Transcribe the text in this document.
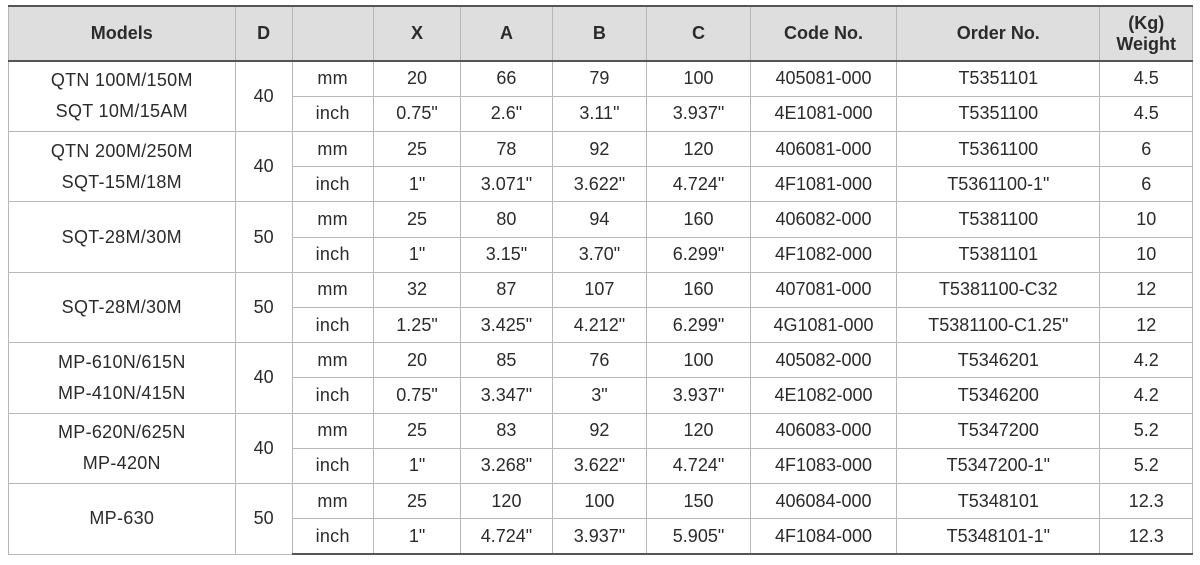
Models	D		X	A	B	C	Code No.	Order No.	(Kg)
Weight

QTN 100M/150M
SQT 10M/15AM	40	mm	20	66	79	100	405081-000	T5351101	4.5
		inch	0.75"	2.6"	3.11"	3.937"	4E1081-000	T5351100	4.5

QTN 200M/250M
SQT-15M/18M	40	mm	25	78	92	120	406081-000	T5361100	6
		inch	1"	3.071"	3.622"	4.724"	4F1081-000	T5361100-1"	6

SQT-28M/30M	50	mm	25	80	94	160	406082-000	T5381100	10
		inch	1"	3.15"	3.70"	6.299"	4F1082-000	T5381101	10

SQT-28M/30M	50	mm	32	87	107	160	407081-000	T5381100-C32	12
		inch	1.25"	3.425"	4.212"	6.299"	4G1081-000	T5381100-C1.25"	12

MP-610N/615N
MP-410N/415N	40	mm	20	85	76	100	405082-000	T5346201	4.2
		inch	0.75"	3.347"	3"	3.937"	4E1082-000	T5346200	4.2

MP-620N/625N
MP-420N	40	mm	25	83	92	120	406083-000	T5347200	5.2
		inch	1"	3.268"	3.622"	4.724"	4F1083-000	T5347200-1"	5.2

MP-630	50	mm	25	120	100	150	406084-000	T5348101	12.3
		inch	1"	4.724"	3.937"	5.905"	4F1084-000	T5348101-1"	12.3
